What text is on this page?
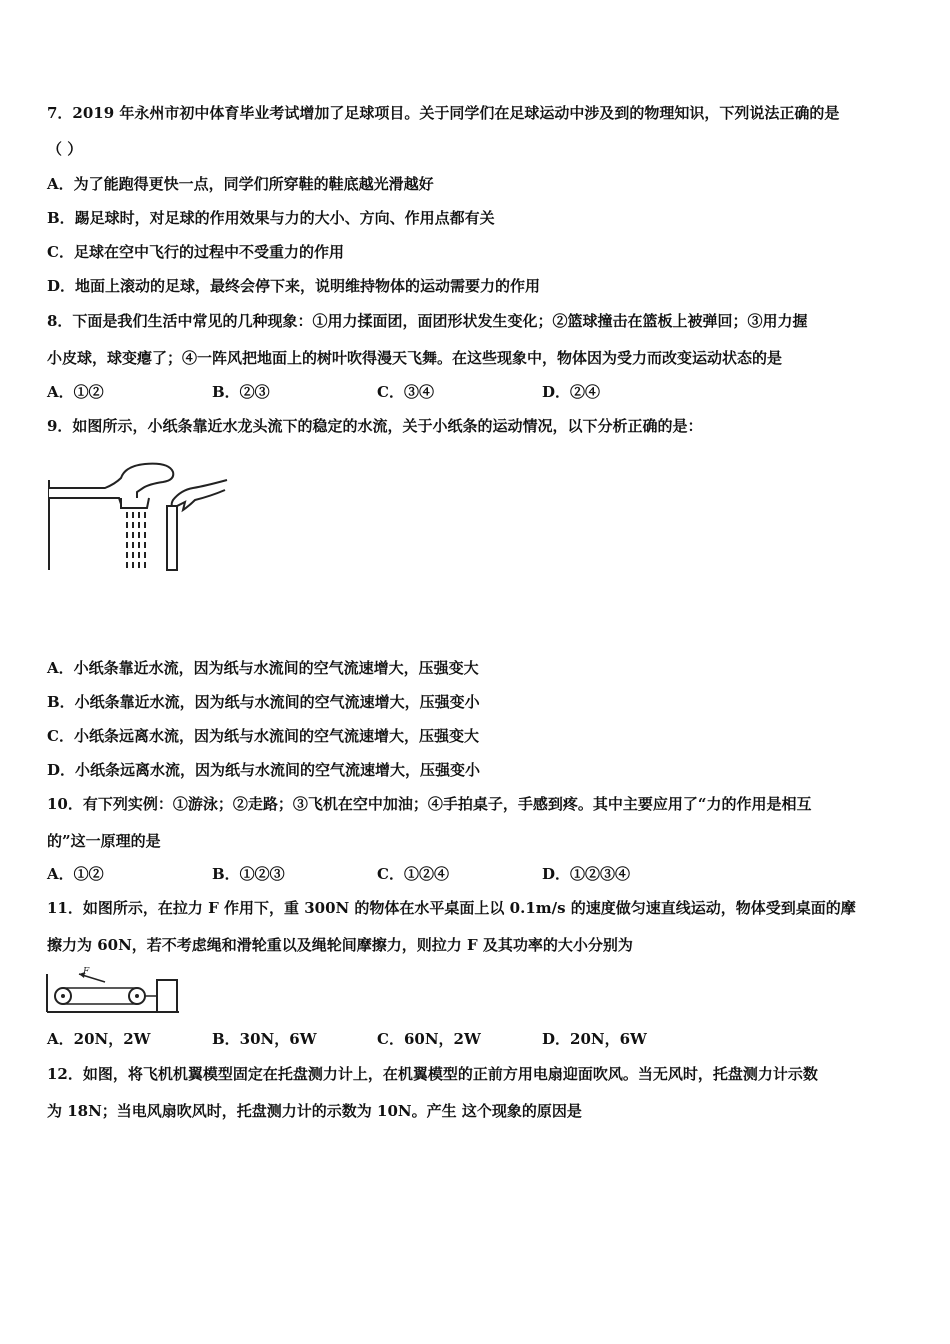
7．2019 年永州市初中体育毕业考试增加了足球项目。关于同学们在足球运动中涉及到的物理知识，下列说法正确的是
（ ）
A．为了能跑得更快一点，同学们所穿鞋的鞋底越光滑越好
B．踢足球时，对足球的作用效果与力的大小、方向、作用点都有关
C．足球在空中飞行的过程中不受重力的作用
D．地面上滚动的足球，最终会停下来，说明维持物体的运动需要力的作用
8．下面是我们生活中常见的几种现象：①用力揉面团，面团形状发生变化；②篮球撞击在篮板上被弹回；③用力握
小皮球，球变瘪了；④一阵风把地面上的树叶吹得漫天飞舞。在这些现象中，物体因为受力而改变运动状态的是
A．①②	B．②③	C．③④	D．②④
9．如图所示，小纸条靠近水龙头流下的稳定的水流，关于小纸条的运动情况，以下分析正确的是：
A．小纸条靠近水流，因为纸与水流间的空气流速增大，压强变大
B．小纸条靠近水流，因为纸与水流间的空气流速增大，压强变小
C．小纸条远离水流，因为纸与水流间的空气流速增大，压强变大
D．小纸条远离水流，因为纸与水流间的空气流速增大，压强变小
10．有下列实例：①游泳；②走路；③飞机在空中加油；④手拍桌子，手感到疼。其中主要应用了“力的作用是相互
的”这一原理的是
A．①②	B．①②③	C．①②④	D．①②③④
11．如图所示，在拉力 F 作用下，重 300N 的物体在水平桌面上以 0.1m/s 的速度做匀速直线运动，物体受到桌面的摩
擦力为 60N，若不考虑绳和滑轮重以及绳轮间摩擦力，则拉力 F 及其功率的大小分别为
F
A．20N，2W	B．30N，6W	C．60N，2W	D．20N，6W
12．如图，将飞机机翼模型固定在托盘测力计上，在机翼模型的正前方用电扇迎面吹风。当无风时，托盘测力计示数
为 18N；当电风扇吹风时，托盘测力计的示数为 10N。产生 这个现象的原因是
